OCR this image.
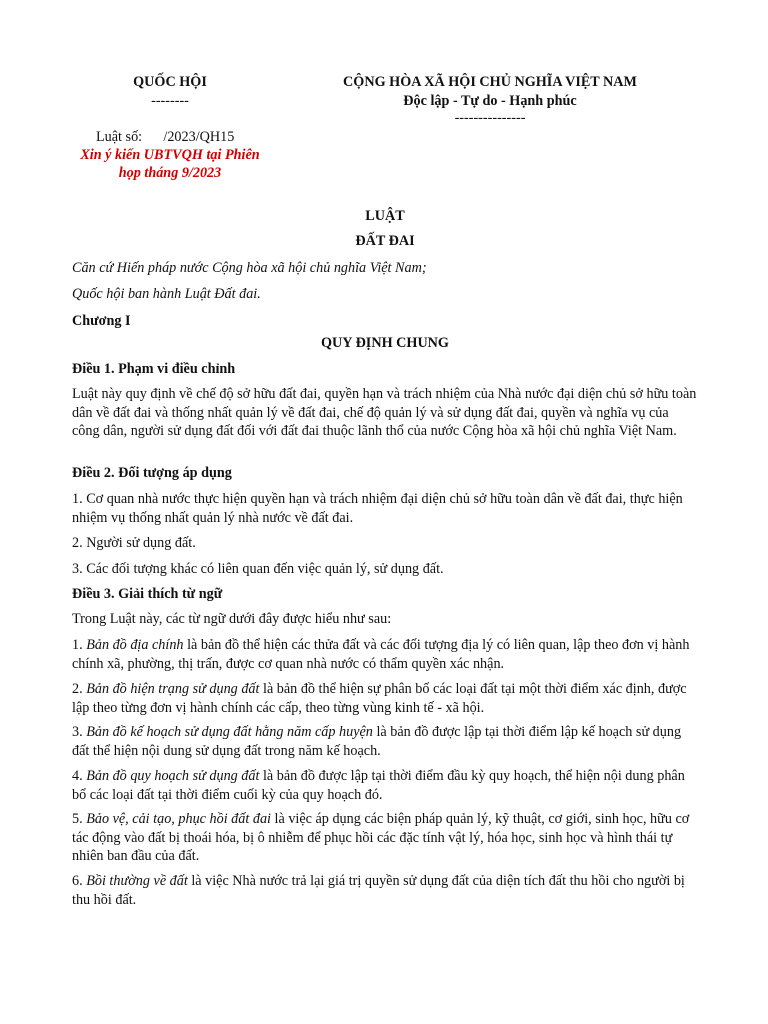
QUỐC HỘI
--------
CỘNG HÒA XÃ HỘI CHỦ NGHĨA VIỆT NAM
Độc lập - Tự do - Hạnh phúc
---------------
Luật số:      /2023/QH15
Xin ý kiến UBTVQH tại Phiên
họp tháng 9/2023
LUẬT
ĐẤT ĐAI
Căn cứ Hiến pháp nước Cộng hòa xã hội chủ nghĩa Việt Nam;
Quốc hội ban hành Luật Đất đai.
Chương I
QUY ĐỊNH CHUNG
Điều 1. Phạm vi điều chỉnh
Luật này quy định về chế độ sở hữu đất đai, quyền hạn và trách nhiệm của Nhà nước đại diện chủ sở hữu toàn dân về đất đai và thống nhất quản lý về đất đai, chế độ quản lý và sử dụng đất đai, quyền và nghĩa vụ của công dân, người sử dụng đất đối với đất đai thuộc lãnh thổ của nước Cộng hòa xã hội chủ nghĩa Việt Nam.
Điều 2. Đối tượng áp dụng
1. Cơ quan nhà nước thực hiện quyền hạn và trách nhiệm đại diện chủ sở hữu toàn dân về đất đai, thực hiện nhiệm vụ thống nhất quản lý nhà nước về đất đai.
2. Người sử dụng đất.
3. Các đối tượng khác có liên quan đến việc quản lý, sử dụng đất.
Điều 3. Giải thích từ ngữ
Trong Luật này, các từ ngữ dưới đây được hiểu như sau:
1. Bản đồ địa chính là bản đồ thể hiện các thửa đất và các đối tượng địa lý có liên quan, lập theo đơn vị hành chính xã, phường, thị trấn, được cơ quan nhà nước có thẩm quyền xác nhận.
2. Bản đồ hiện trạng sử dụng đất là bản đồ thể hiện sự phân bố các loại đất tại một thời điểm xác định, được lập theo từng đơn vị hành chính các cấp, theo từng vùng kinh tế - xã hội.
3. Bản đồ kế hoạch sử dụng đất hằng năm cấp huyện là bản đồ được lập tại thời điểm lập kế hoạch sử dụng đất thể hiện nội dung sử dụng đất trong năm kế hoạch.
4. Bản đồ quy hoạch sử dụng đất là bản đồ được lập tại thời điểm đầu kỳ quy hoạch, thể hiện nội dung phân bổ các loại đất tại thời điểm cuối kỳ của quy hoạch đó.
5. Bảo vệ, cải tạo, phục hồi đất đai là việc áp dụng các biện pháp quản lý, kỹ thuật, cơ giới, sinh học, hữu cơ tác động vào đất bị thoái hóa, bị ô nhiễm để phục hồi các đặc tính vật lý, hóa học, sinh học và hình thái tự nhiên ban đầu của đất.
6. Bồi thường về đất là việc Nhà nước trả lại giá trị quyền sử dụng đất của diện tích đất thu hồi cho người bị thu hồi đất.
